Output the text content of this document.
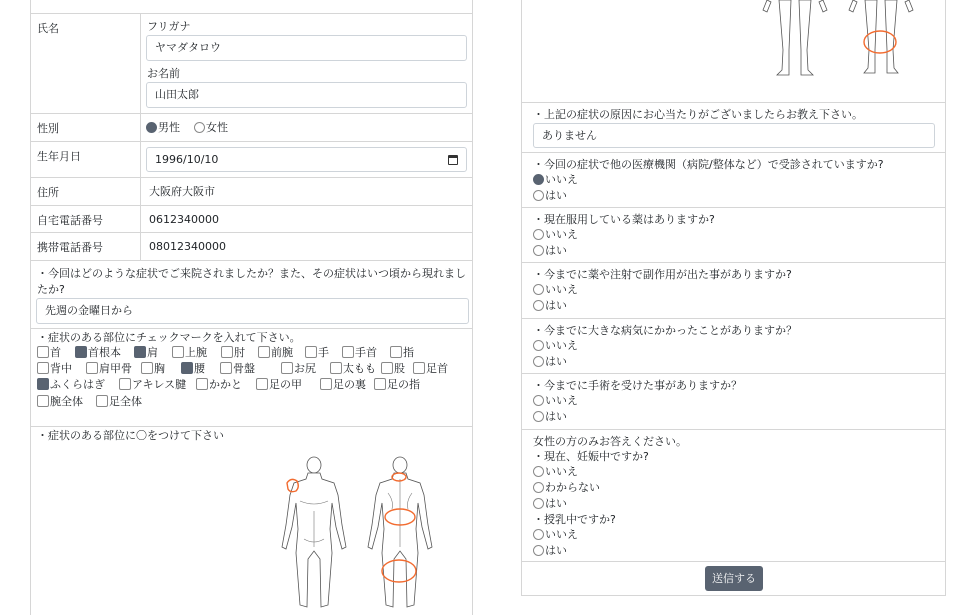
氏名	フリガナ
ヤマダタロウ
お名前
山田太郎
性別	男性	女性
生年月日	1996/10/10
住所	大阪府大阪市
自宅電話番号	0612340000
携帯電話番号	08012340000
・今回はどのような症状でご来院されましたか？また、その症状はいつ頃から現れましたか?
先週の金曜日から
・症状のある部位にチェックマークを入れて下さい。
首	首根本	肩	上腕	肘	前腕	手	手首	指
背中	肩甲骨	胸	腰	骨盤	お尻	太もも	股	足首
ふくらはぎ	アキレス腱	かかと	足の甲	足の裏	足の指
腕全体	足全体
・症状のある部位に〇をつけて下さい
・上記の症状の原因にお心当たりがございましたらお教え下さい。
ありません
・今回の症状で他の医療機関（病院/整体など）で受診されていますか?
いいえ
はい
・現在服用している薬はありますか?
いいえ
はい
・今までに薬や注射で副作用が出た事がありますか?
いいえ
はい
・今までに大きな病気にかかったことがありますか？
いいえ
はい
・今までに手術を受けた事がありますか？
いいえ
はい
女性の方のみお答えください。
・現在、妊娠中ですか?
いいえ
わからない
はい
・授乳中ですか?
いいえ
はい
送信する
